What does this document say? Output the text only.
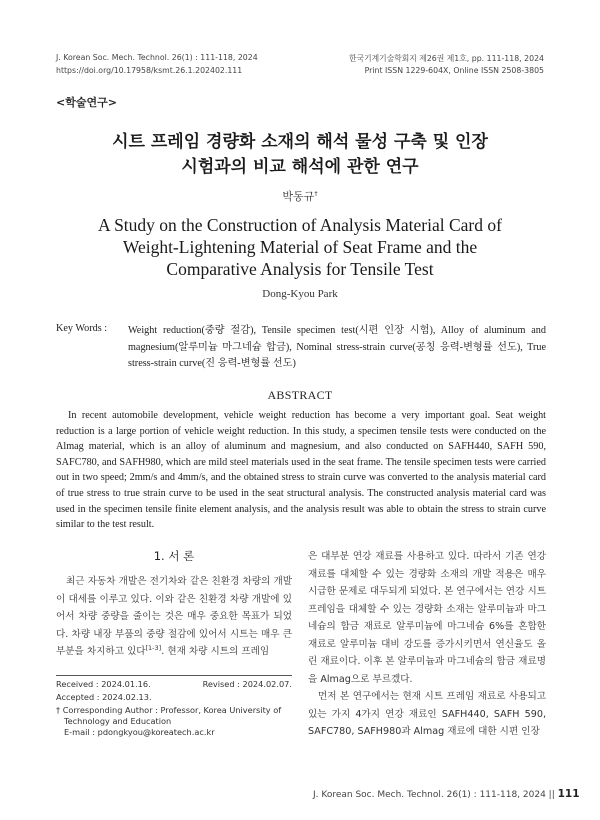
J. Korean Soc. Mech. Technol. 26(1) : 111-118, 2024
https://doi.org/10.17958/ksmt.26.1.202402.111
한국기계기술학회지 제26권 제1호, pp. 111-118, 2024
Print ISSN 1229-604X, Online ISSN 2508-3805
<학술연구>
시트 프레임 경량화 소재의 해석 물성 구축 및 인장
시험과의 비교 해석에 관한 연구
박동규†
A Study on the Construction of Analysis Material Card of
Weight-Lightening Material of Seat Frame and the
Comparative Analysis for Tensile Test
Dong-Kyou Park
Key Words : Weight reduction(중량 절감), Tensile specimen test(시편 인장 시험), Alloy of aluminum and magnesium(알루미늄 마그네슘 합금), Nominal stress-strain curve(공칭 응력-변형률 선도), True stress-strain curve(진 응력-변형률 선도)
ABSTRACT
In recent automobile development, vehicle weight reduction has become a very important goal. Seat weight reduction is a large portion of vehicle weight reduction. In this study, a specimen tensile tests were conducted on the Almag material, which is an alloy of aluminum and magnesium, and also conducted on SAFH440, SAFH 590, SAFC780, and SAFH980, which are mild steel materials used in the seat frame. The tensile specimen tests were carried out in two speed; 2mm/s and 4mm/s, and the obtained stress to strain curve was converted to the analysis material card of true stress to true strain curve to be used in the seat structural analysis. The constructed analysis material card was used in the specimen tensile finite element analysis, and the analysis result was able to obtain the stress to strain curve similar to the test result.
1. 서 론

최근 자동차 개발은 전기차와 같은 친환경 차량의 개발이 대세를 이루고 있다. 이와 같은 친환경 차량 개발에 있어서 차량 중량을 줄이는 것은 매우 중요한 목표가 되었다. 차량 내장 부품의 중량 절감에 있어서 시트는 매우 큰 부분을 차지하고 있다[1-3]. 현재 차량 시트의 프레임

Received : 2024.01.16.	Revised : 2024.02.07.
Accepted : 2024.02.13.
† Corresponding Author : Professor, Korea University of
Technology and Education
E-mail : pdongkyou@koreatech.ac.kr

은 대부분 연강 재료를 사용하고 있다. 따라서 기존 연강 재료를 대체할 수 있는 경량화 소재의 개발 적용은 매우 시급한 문제로 대두되게 되었다. 본 연구에서는 연강 시트 프레임을 대체할 수 있는 경량화 소재는 알루미늄과 마그네슘의 합금 재료로 알루미늄에 마그네슘 6%를 혼합한 재료로 알루미늄 대비 강도를 증가시키면서 연신율도 올린 재료이다. 이후 본 알루미늄과 마그네슘의 합금 재료명을 Almag으로 부르겠다.

먼저 본 연구에서는 현재 시트 프레임 재료로 사용되고 있는 가지 4가지 연강 재료인 SAFH440, SAFH 590, SAFC780, SAFH980과 Almag 재료에 대한 시편 인장

J. Korean Soc. Mech. Technol. 26(1) : 111-118, 2024 || 111
